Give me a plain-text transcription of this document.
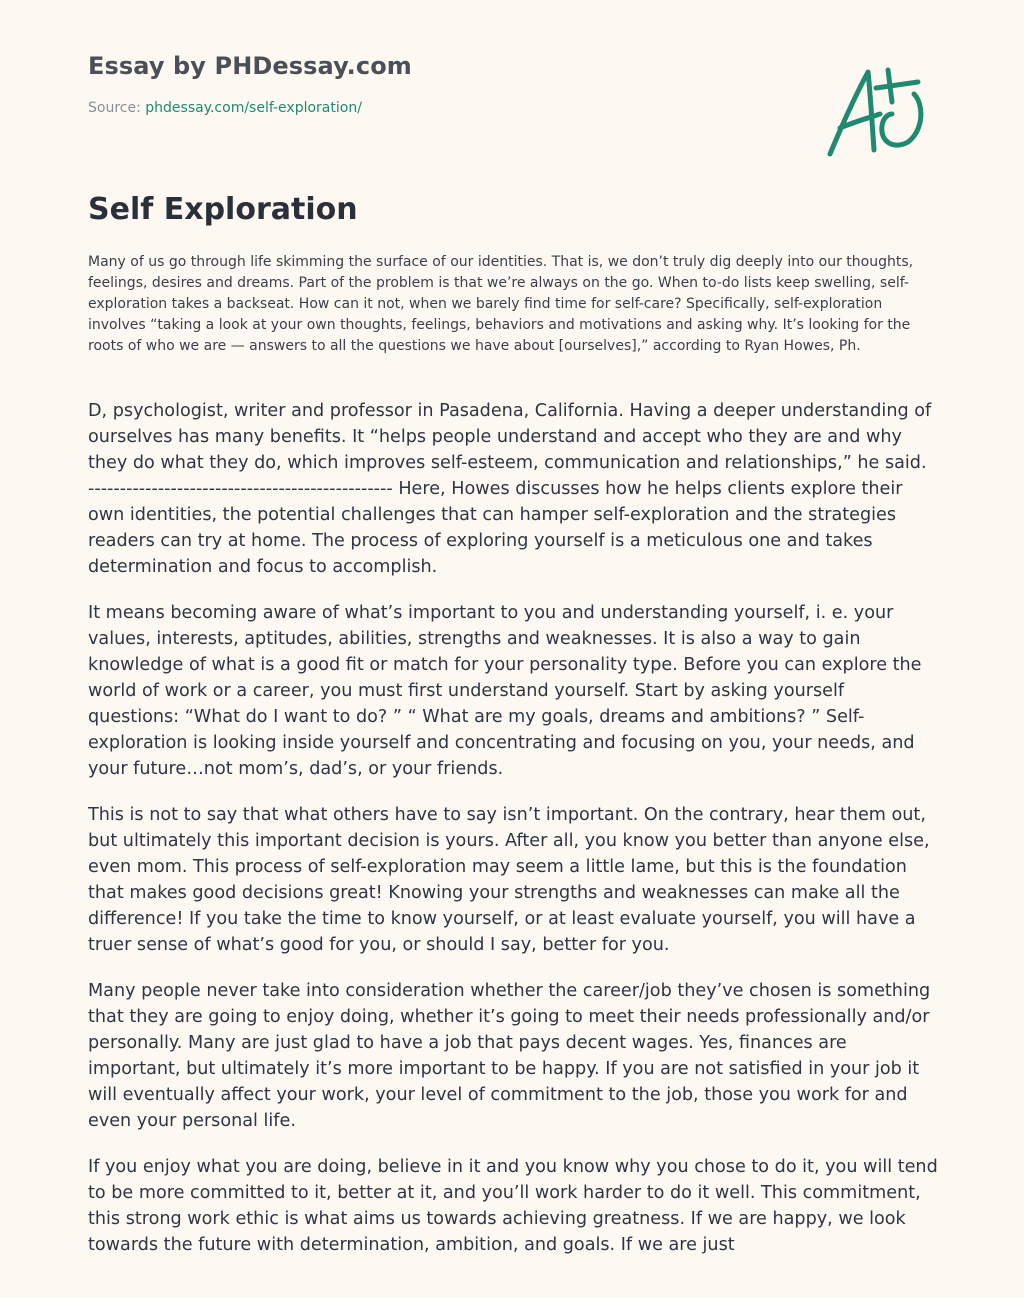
Essay by PHDessay.com
Source: phdessay.com/self-exploration/
Self Exploration

Many of us go through life skimming the surface of our identities. That is, we don’t truly dig deeply into our thoughts, feelings, desires and dreams. Part of the problem is that we’re always on the go. When to-do lists keep swelling, self-exploration takes a backseat. How can it not, when we barely find time for self-care? Specifically, self-exploration involves “taking a look at your own thoughts, feelings, behaviors and motivations and asking why. It’s looking for the roots of who we are — answers to all the questions we have about [ourselves],” according to Ryan Howes, Ph.

D, psychologist, writer and professor in Pasadena, California. Having a deeper understanding of ourselves has many benefits. It “helps people understand and accept who they are and why they do what they do, which improves self-esteem, communication and relationships,” he said. ------------------------------------------------ Here, Howes discusses how he helps clients explore their own identities, the potential challenges that can hamper self-exploration and the strategies readers can try at home. The process of exploring yourself is a meticulous one and takes determination and focus to accomplish.

It means becoming aware of what’s important to you and understanding yourself, i. e. your values, interests, aptitudes, abilities, strengths and weaknesses. It is also a way to gain knowledge of what is a good fit or match for your personality type. Before you can explore the world of work or a career, you must first understand yourself. Start by asking yourself questions: “What do I want to do? ” “ What are my goals, dreams and ambitions? ” Self-exploration is looking inside yourself and concentrating and focusing on you, your needs, and your future…not mom’s, dad’s, or your friends.

This is not to say that what others have to say isn’t important. On the contrary, hear them out, but ultimately this important decision is yours. After all, you know you better than anyone else, even mom. This process of self-exploration may seem a little lame, but this is the foundation that makes good decisions great! Knowing your strengths and weaknesses can make all the difference! If you take the time to know yourself, or at least evaluate yourself, you will have a truer sense of what’s good for you, or should I say, better for you.

Many people never take into consideration whether the career/job they’ve chosen is something that they are going to enjoy doing, whether it’s going to meet their needs professionally and/or personally. Many are just glad to have a job that pays decent wages. Yes, finances are important, but ultimately it’s more important to be happy. If you are not satisfied in your job it will eventually affect your work, your level of commitment to the job, those you work for and even your personal life.

If you enjoy what you are doing, believe in it and you know why you chose to do it, you will tend to be more committed to it, better at it, and you’ll work harder to do it well. This commitment, this strong work ethic is what aims us towards achieving greatness. If we are happy, we look towards the future with determination, ambition, and goals. If we are just
